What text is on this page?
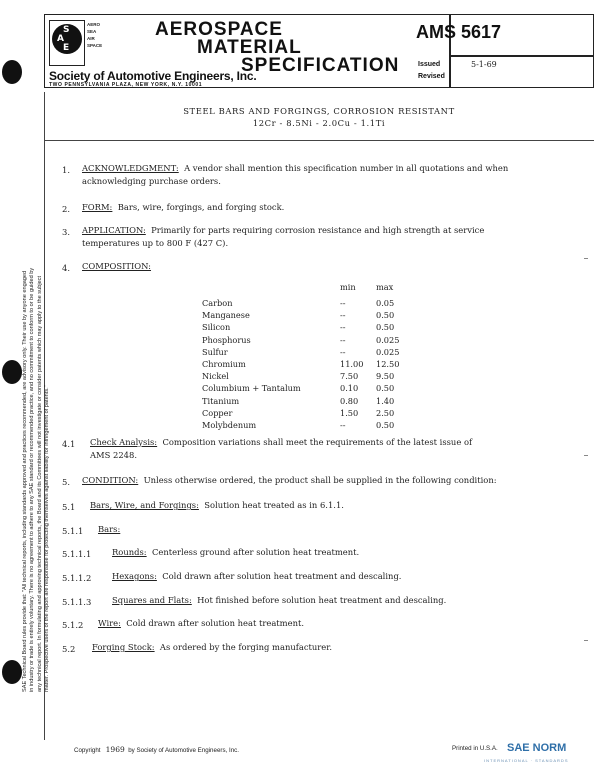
S
A
E
AERO
SEA
AIR
SPACE
AEROSPACE
MATERIAL
SPECIFICATION
Society of Automotive Engineers, Inc.
TWO PENNSYLVANIA PLAZA, NEW YORK, N.Y. 10001
AMS 5617
Issued	5-1-69
Revised
SAE Technical Board rules provide that: "All technical reports, including standards approved and practices recommended, are advisory only. Their use by anyone engaged in industry or trade is entirely voluntary. There is no agreement to adhere to any SAE standard or recommended practice, and no commitment to conform to or be guided by any technical report. In formulating and approving technical reports, the Board and its Committees will not investigate or consider patents which may apply to the subject matter. Prospective users of the report are responsible for protecting themselves against liability for infringement of patents."
STEEL BARS AND FORGINGS, CORROSION RESISTANT
12Cr - 8.5Ni - 2.0Cu - 1.1Ti
1. ACKNOWLEDGMENT: A vendor shall mention this specification number in all quotations and when
acknowledging purchase orders.
2. FORM: Bars, wire, forgings, and forging stock.
3. APPLICATION: Primarily for parts requiring corrosion resistance and high strength at service
temperatures up to 800 F (427 C).
4. COMPOSITION:
min max
Carbon	--	0.05
Manganese	--	0.50
Silicon	--	0.50
Phosphorus	--	0.025
Sulfur	--	0.025
Chromium	11.00 12.50
Nickel	7.50 9.50
Columbium + Tantalum	0.10 0.50
Titanium	0.80 1.40
Copper	1.50 2.50
Molybdenum	--	0.50
4.1 Check Analysis: Composition variations shall meet the requirements of the latest issue of
AMS 2248.
5. CONDITION: Unless otherwise ordered, the product shall be supplied in the following condition:
5.1 Bars, Wire, and Forgings: Solution heat treated as in 6.1.1.
5.1.1 Bars:
5.1.1.1 Rounds: Centerless ground after solution heat treatment.
5.1.1.2 Hexagons: Cold drawn after solution heat treatment and descaling.
5.1.1.3 Squares and Flats: Hot finished before solution heat treatment and descaling.
5.1.2 Wire: Cold drawn after solution heat treatment.
5.2 Forging Stock: As ordered by the forging manufacturer.
Copyright 1969 by Society of Automotive Engineers, Inc.	Printed in U.S.A. SAE NORM
INTERNATIONAL · STANDARDS
